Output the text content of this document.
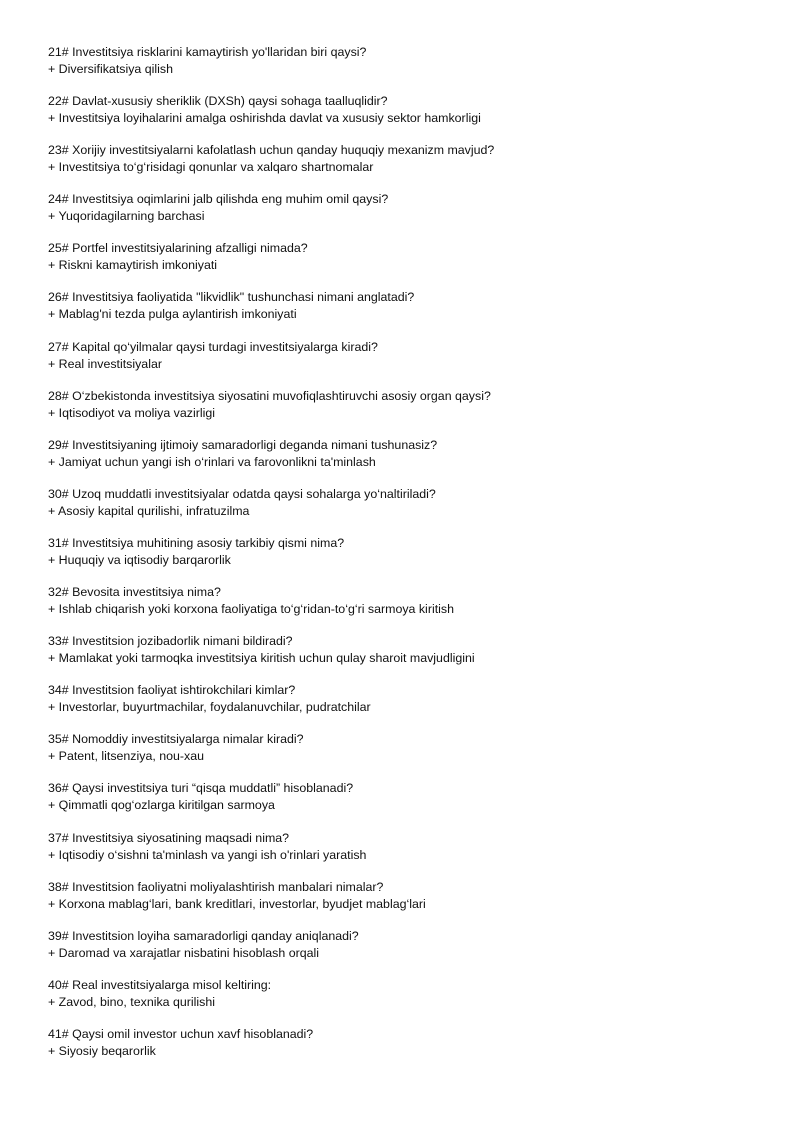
21# Investitsiya risklarini kamaytirish yo'llaridan biri qaysi?
+ Diversifikatsiya qilish
22# Davlat-xususiy sheriklik (DXSh) qaysi sohaga taalluqlidir?
+ Investitsiya loyihalarini amalga oshirishda davlat va xususiy sektor hamkorligi
23# Xorijiy investitsiyalarni kafolatlash uchun qanday huquqiy mexanizm mavjud?
+ Investitsiya to‘g‘risidagi qonunlar va xalqaro shartnomalar
24# Investitsiya oqimlarini jalb qilishda eng muhim omil qaysi?
+ Yuqoridagilarning barchasi
25# Portfel investitsiyalarining afzalligi nimada?
+ Riskni kamaytirish imkoniyati
26# Investitsiya faoliyatida "likvidlik" tushunchasi nimani anglatadi?
+ Mablag'ni tezda pulga aylantirish imkoniyati
27# Kapital qo‘yilmalar qaysi turdagi investitsiyalarga kiradi?
+ Real investitsiyalar
28# O‘zbekistonda investitsiya siyosatini muvofiqlashtiruvchi asosiy organ qaysi?
+ Iqtisodiyot va moliya vazirligi
29# Investitsiyaning ijtimoiy samaradorligi deganda nimani tushunasiz?
+ Jamiyat uchun yangi ish o‘rinlari va farovonlikni ta'minlash
30# Uzoq muddatli investitsiyalar odatda qaysi sohalarga yo‘naltiriladi?
+ Asosiy kapital qurilishi, infratuzilma
31# Investitsiya muhitining asosiy tarkibiy qismi nima?
+ Huquqiy va iqtisodiy barqarorlik
32# Bevosita investitsiya nima?
+ Ishlab chiqarish yoki korxona faoliyatiga to‘g‘ridan-to‘g‘ri sarmoya kiritish
33# Investitsion jozibadorlik nimani bildiradi?
+ Mamlakat yoki tarmoqka investitsiya kiritish uchun qulay sharoit mavjudligini
34# Investitsion faoliyat ishtirokchilari kimlar?
+ Investorlar, buyurtmachilar, foydalanuvchilar, pudratchilar
35# Nomoddiy investitsiyalarga nimalar kiradi?
+ Patent, litsenziya, nou-xau
36# Qaysi investitsiya turi “qisqa muddatli” hisoblanadi?
+ Qimmatli qog‘ozlarga kiritilgan sarmoya
37# Investitsiya siyosatining maqsadi nima?
+ Iqtisodiy o‘sishni ta'minlash va yangi ish o'rinlari yaratish
38# Investitsion faoliyatni moliyalashtirish manbalari nimalar?
+ Korxona mablag‘lari, bank kreditlari, investorlar, byudjet mablag‘lari
39# Investitsion loyiha samaradorligi qanday aniqlanadi?
+ Daromad va xarajatlar nisbatini hisoblash orqali
40# Real investitsiyalarga misol keltiring:
+ Zavod, bino, texnika qurilishi
41# Qaysi omil investor uchun xavf hisoblanadi?
+ Siyosiy beqarorlik
